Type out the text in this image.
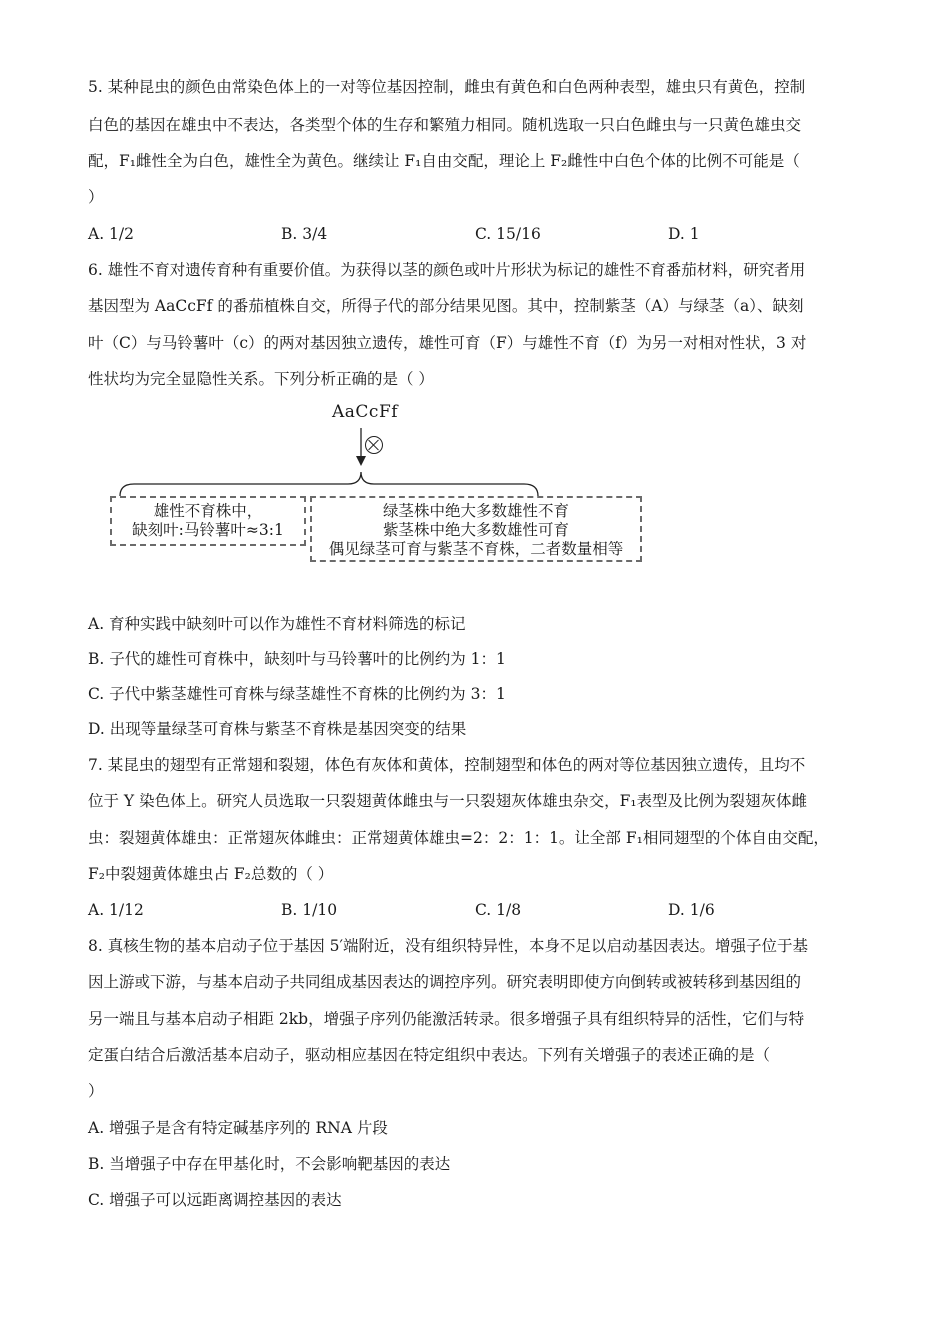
5. 某种昆虫的颜色由常染色体上的一对等位基因控制，雌虫有黄色和白色两种表型，雄虫只有黄色，控制
白色的基因在雄虫中不表达，各类型个体的生存和繁殖力相同。随机选取一只白色雌虫与一只黄色雄虫交
配，F₁雌性全为白色，雄性全为黄色。继续让 F₁自由交配，理论上 F₂雌性中白色个体的比例不可能是（
）
A. 1/2	B. 3/4	C. 15/16	D. 1
6. 雄性不育对遗传育种有重要价值。为获得以茎的颜色或叶片形状为标记的雄性不育番茄材料，研究者用
基因型为 AaCcFf 的番茄植株自交，所得子代的部分结果见图。其中，控制紫茎（A）与绿茎（a）、缺刻
叶（C）与马铃薯叶（c）的两对基因独立遗传，雄性可育（F）与雄性不育（f）为另一对相对性状，3 对
性状均为完全显隐性关系。下列分析正确的是（ ）
AaCcFf
雄性不育株中，
缺刻叶:马铃薯叶≈3:1
绿茎株中绝大多数雄性不育
紫茎株中绝大多数雄性可育
偶见绿茎可育与紫茎不育株，二者数量相等
A. 育种实践中缺刻叶可以作为雄性不育材料筛选的标记
B. 子代的雄性可育株中，缺刻叶与马铃薯叶的比例约为 1：1
C. 子代中紫茎雄性可育株与绿茎雄性不育株的比例约为 3：1
D. 出现等量绿茎可育株与紫茎不育株是基因突变的结果
7. 某昆虫的翅型有正常翅和裂翅，体色有灰体和黄体，控制翅型和体色的两对等位基因独立遗传，且均不
位于 Y 染色体上。研究人员选取一只裂翅黄体雌虫与一只裂翅灰体雄虫杂交，F₁表型及比例为裂翅灰体雌
虫：裂翅黄体雄虫：正常翅灰体雌虫：正常翅黄体雄虫=2：2：1：1。让全部 F₁相同翅型的个体自由交配，
F₂中裂翅黄体雄虫占 F₂总数的（ ）
A. 1/12	B. 1/10	C. 1/8	D. 1/6
8. 真核生物的基本启动子位于基因 5′端附近，没有组织特异性，本身不足以启动基因表达。增强子位于基
因上游或下游，与基本启动子共同组成基因表达的调控序列。研究表明即使方向倒转或被转移到基因组的
另一端且与基本启动子相距 2kb，增强子序列仍能激活转录。很多增强子具有组织特异的活性，它们与特
定蛋白结合后激活基本启动子，驱动相应基因在特定组织中表达。下列有关增强子的表述正确的是（
）
A. 增强子是含有特定碱基序列的 RNA 片段
B. 当增强子中存在甲基化时，不会影响靶基因的表达
C. 增强子可以远距离调控基因的表达
